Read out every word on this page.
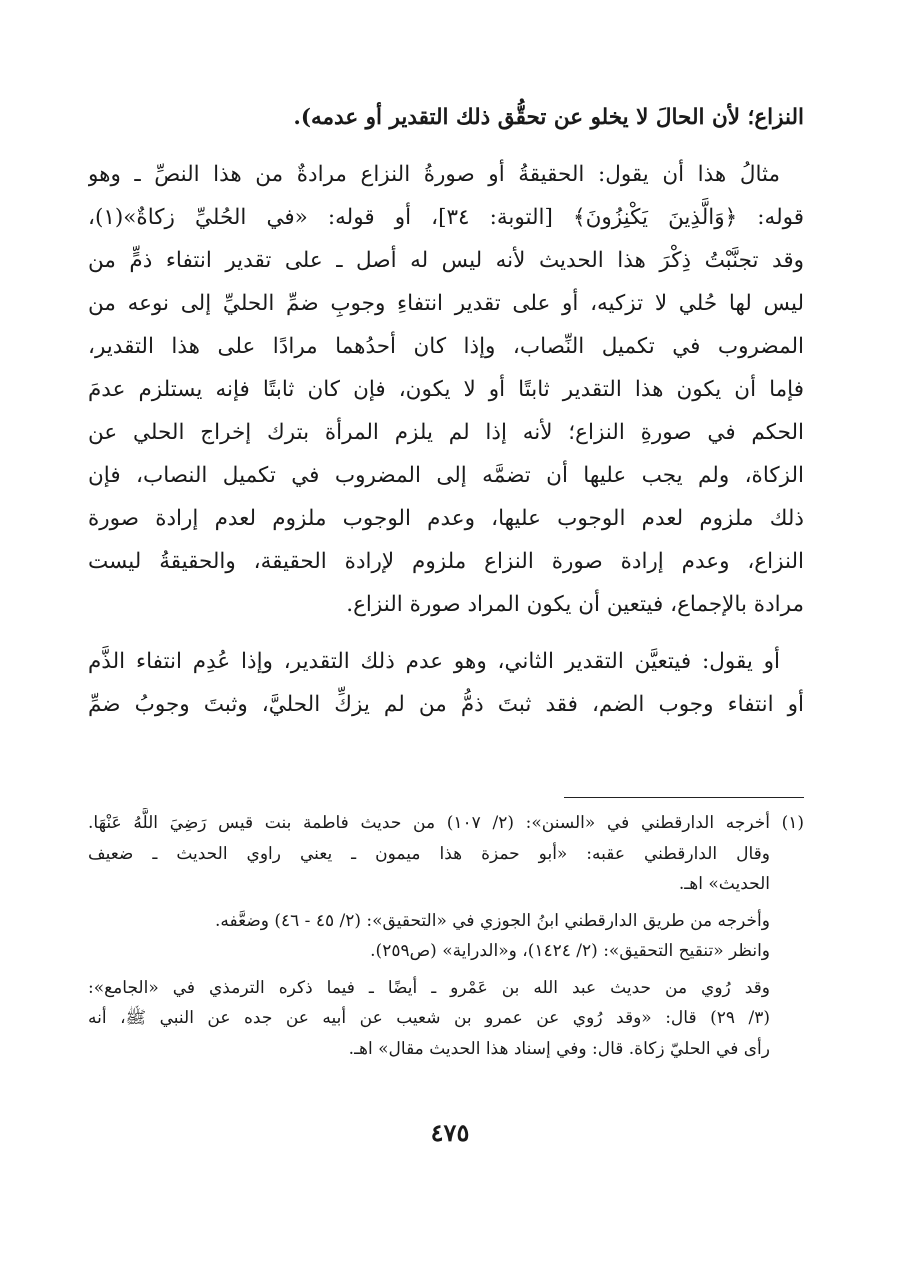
النزاع؛ لأن الحالَ لا يخلو عن تحقُّق ذلك التقدير أو عدمه).
مثالُ هذا أن يقول: الحقيقةُ أو صورةُ النزاع مرادةٌ من هذا النصِّ ـ وهو
قوله: ﴿وَالَّذِينَ يَكْنِزُونَ﴾ [التوبة: ٣٤]، أو قوله: «في الحُليِّ زكاةٌ»(١)،
وقد تجنَّبْتُ ذِكْرَ هذا الحديث لأنه ليس له أصل ـ على تقدير انتفاء ذمٍّ من
ليس لها حُلي لا تزكيه، أو على تقدير انتفاءِ وجوبِ ضمِّ الحليِّ إلى نوعه من
المضروب في تكميل النِّصاب، وإذا كان أحدُهما مرادًا على هذا التقدير،
فإما أن يكون هذا التقدير ثابتًا أو لا يكون، فإن كان ثابتًا فإنه يستلزم عدمَ
الحكم في صورةِ النزاع؛ لأنه إذا لم يلزم المرأة بترك إخراج الحلي عن
الزكاة، ولم يجب عليها أن تضمَّه إلى المضروب في تكميل النصاب، فإن
ذلك ملزوم لعدم الوجوب عليها، وعدم الوجوب ملزوم لعدم إرادة صورة
النزاع، وعدم إرادة صورة النزاع ملزوم لإرادة الحقيقة، والحقيقةُ ليست
مرادة بالإجماع، فيتعين أن يكون المراد صورة النزاع.
أو يقول: فيتعيَّن التقدير الثاني، وهو عدم ذلك التقدير، وإذا عُدِم انتفاء الذَّم
أو انتفاء وجوب الضم، فقد ثبتَ ذمُّ من لم يزكِّ الحليَّ، وثبتَ وجوبُ ضمِّ
(١)أخرجه الدارقطني في «السنن»: (٢/ ١٠٧) من حديث فاطمة بنت قيس رَضِيَ اللَّهُ عَنْهَا.
وقال الدارقطني عقبه: «أبو حمزة هذا ميمون ـ يعني راوي الحديث ـ ضعيف
الحديث» اهـ.
وأخرجه من طريق الدارقطني ابنُ الجوزي في «التحقيق»: (٢/ ٤٥ - ٤٦) وضعَّفه.
وانظر «تنقيح التحقيق»: (٢/ ١٤٢٤)، و«الدراية» (ص٢٥٩).
وقد رُوي من حديث عبد الله بن عَمْرو ـ أيضًا ـ فيما ذكره الترمذي في «الجامع»:
(٣/ ٢٩) قال: «وقد رُوي عن عمرو بن شعيب عن أبيه عن جده عن النبي ﷺ، أنه
رأى في الحليّ زكاة. قال: وفي إسناد هذا الحديث مقال» اهـ.
٤٧٥
